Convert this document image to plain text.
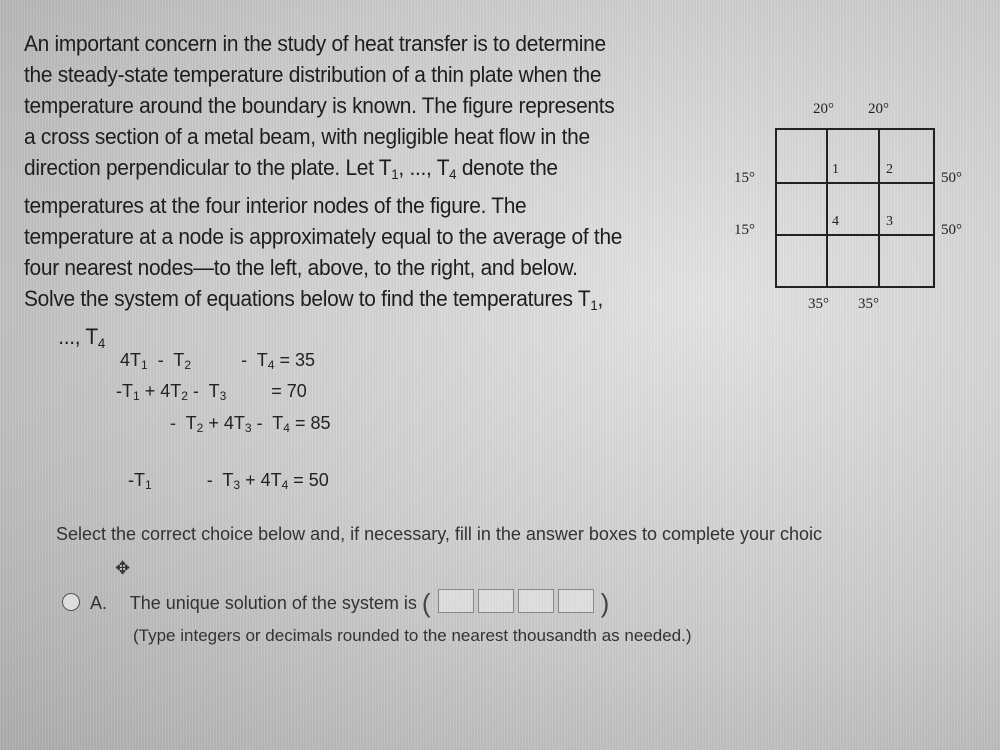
An important concern in the study of heat transfer is to determine

the steady-state temperature distribution of a thin plate when the

temperature around the boundary is known. The figure represents

a cross section of a metal beam, with negligible heat flow in the

direction perpendicular to the plate. Let $T_1$, ..., $T_4$ denote the

temperatures at the four interior nodes of the figure. The

temperature at a node is approximately equal to the average of the

four nearest nodes—to the left, above, to the right, and below.

Solve the system of equations below to find the temperatures $T_1$,

..., $T_4$

20° 20°
15°
15°
50°
50°
35° 35°
1	2
3
4
$4T_1 - T_2$          -  $T_4 = 35$
$-T_1 + 4T_2 - T_3$         = 70
-  $T_2 + 4T_3 - T_4 = 85$
$-T_1$           -  $T_3 + 4T_4 = 50$
Select the correct choice below and, if necessary, fill in the answer boxes to complete your choic
✥
A. The unique solution of the system is (	)
(Type integers or decimals rounded to the nearest thousandth as needed.)
